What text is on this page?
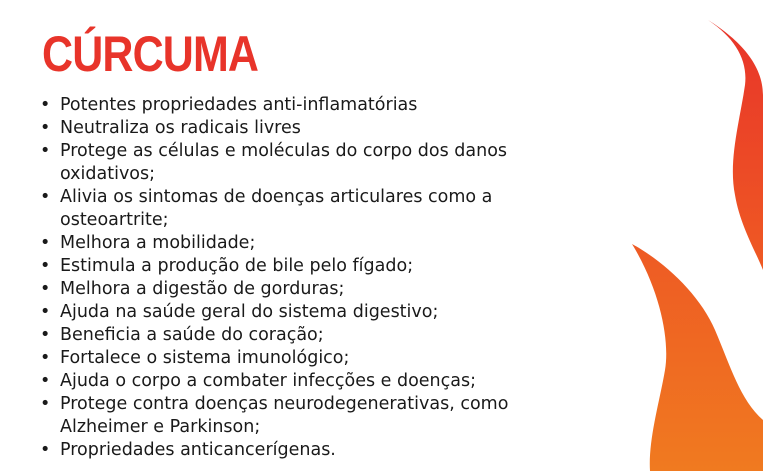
CÚRCUMA
• Potentes propriedades anti-inflamatórias
• Neutraliza os radicais livres
• Protege as células e moléculas do corpo dos danos oxidativos;
• Alivia os sintomas de doenças articulares como a osteoartrite;
• Melhora a mobilidade;
• Estimula a produção de bile pelo fígado;
• Melhora a digestão de gorduras;
• Ajuda na saúde geral do sistema digestivo;
• Beneficia a saúde do coração;
• Fortalece o sistema imunológico;
• Ajuda o corpo a combater infecções e doenças;
• Protege contra doenças neurodegenerativas, como Alzheimer e Parkinson;
• Propriedades anticancerígenas.
